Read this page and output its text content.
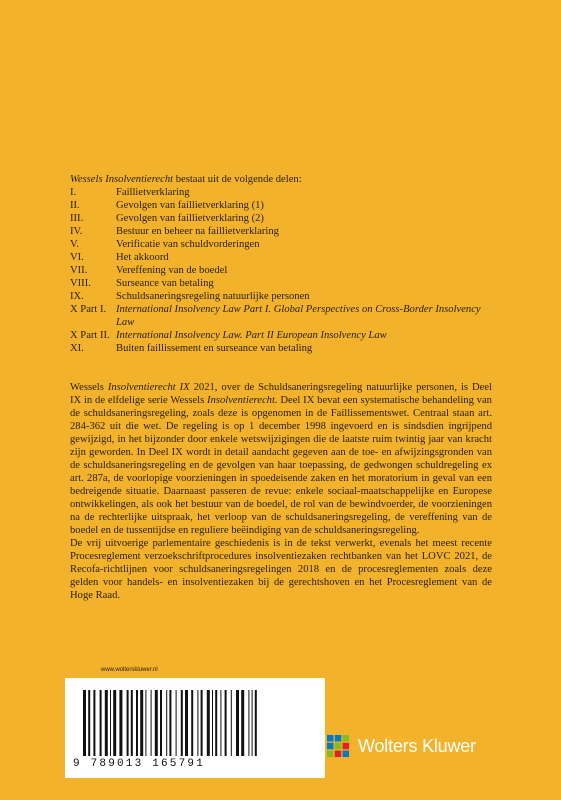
Wessels Insolventierecht bestaat uit de volgende delen:
I.	Faillietverklaring
II.	Gevolgen van faillietverklaring (1)
III.	Gevolgen van faillietverklaring (2)
IV.	Bestuur en beheer na faillietverklaring
V.	Verificatie van schuldvorderingen
VI.	Het akkoord
VII.	Vereffening van de boedel
VIII.	Surseance van betaling
IX.	Schuldsaneringsregeling natuurlijke personen
X Part I. International Insolvency Law Part I. Global Perspectives on Cross-Border Insolvency Law
X Part II. International Insolvency Law. Part II European Insolvency Law
XI.	Buiten faillissement en surseance van betaling

Wessels Insolventierecht IX 2021, over de Schuldsaneringsregeling natuurlijke personen, is Deel IX in de elfdelige serie Wessels Insolventierecht. Deel IX bevat een systematische behandeling van de schuldsaneringsregeling, zoals deze is opgenomen in de Faillissementswet. Centraal staan art. 284-362 uit die wet. De regeling is op 1 december 1998 ingevoerd en is sindsdien ingrijpend gewijzigd, in het bijzonder door enkele wetswijzigingen die de laatste ruim twintig jaar van kracht zijn geworden. In Deel IX wordt in detail aandacht gegeven aan de toe- en afwijzingsgronden van de schuldsaneringsregeling en de gevolgen van haar toepassing, de gedwongen schuldregeling ex art. 287a, de voorlopige voorzieningen in spoedeisende zaken en het moratorium in geval van een bedreigende situatie. Daarnaast passeren de revue: enkele sociaal-maatschappelijke en Europese ontwikkelingen, als ook het bestuur van de boedel, de rol van de bewindvoerder, de voorzieningen na de rechterlijke uitspraak, het verloop van de schuldsaneringsregeling, de vereffening van de boedel en de tussentijdse en reguliere beëindiging van de schuldsaneringsregeling.

De vrij uitvoerige parlementaire geschiedenis is in de tekst verwerkt, evenals het meest recente Procesreglement verzoekschriftprocedures insolventiezaken rechtbanken van het LOVC 2021, de Recofa-richtlijnen voor schuldsaneringsregelingen 2018 en de procesreglementen zoals deze gelden voor handels- en insolventiezaken bij de gerechtshoven en het Procesreglement van de Hoge Raad.

www.wolterskluwer.nl
9 789013 165791
Wolters Kluwer
